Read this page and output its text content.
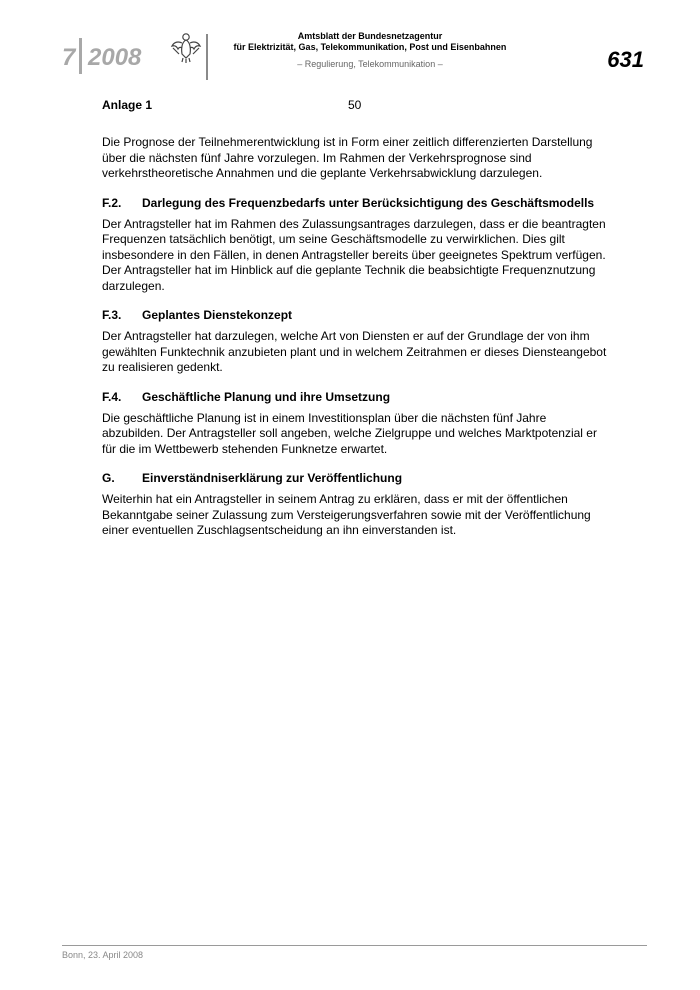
7 2008
Amtsblatt der Bundesnetzagentur
für Elektrizität, Gas, Telekommunikation, Post und Eisenbahnen
– Regulierung, Telekommunikation –	631
Anlage 1	50

Die Prognose der Teilnehmerentwicklung ist in Form einer zeitlich differenzierten Darstellung über die nächsten fünf Jahre vorzulegen. Im Rahmen der Verkehrsprognose sind verkehrstheoretische Annahmen und die geplante Verkehrsabwicklung darzulegen.

F.2. Darlegung des Frequenzbedarfs unter Berücksichtigung des Geschäftsmodells

Der Antragsteller hat im Rahmen des Zulassungsantrages darzulegen, dass er die beantragten Frequenzen tatsächlich benötigt, um seine Geschäftsmodelle zu verwirklichen. Dies gilt insbesondere in den Fällen, in denen Antragsteller bereits über geeignetes Spektrum verfügen. Der Antragsteller hat im Hinblick auf die geplante Technik die beabsichtigte Frequenznutzung darzulegen.

F.3. Geplantes Dienstekonzept

Der Antragsteller hat darzulegen, welche Art von Diensten er auf der Grundlage der von ihm gewählten Funktechnik anzubieten plant und in welchem Zeitrahmen er dieses Diensteangebot zu realisieren gedenkt.

F.4. Geschäftliche Planung und ihre Umsetzung

Die geschäftliche Planung ist in einem Investitionsplan über die nächsten fünf Jahre abzubilden. Der Antragsteller soll angeben, welche Zielgruppe und welches Marktpotenzial er für die im Wettbewerb stehenden Funknetze erwartet.

G. Einverständniserklärung zur Veröffentlichung

Weiterhin hat ein Antragsteller in seinem Antrag zu erklären, dass er mit der öffentlichen Bekanntgabe seiner Zulassung zum Versteigerungsverfahren sowie mit der Veröffentlichung einer eventuellen Zuschlagsentscheidung an ihn einverstanden ist.

Bonn, 23. April 2008
